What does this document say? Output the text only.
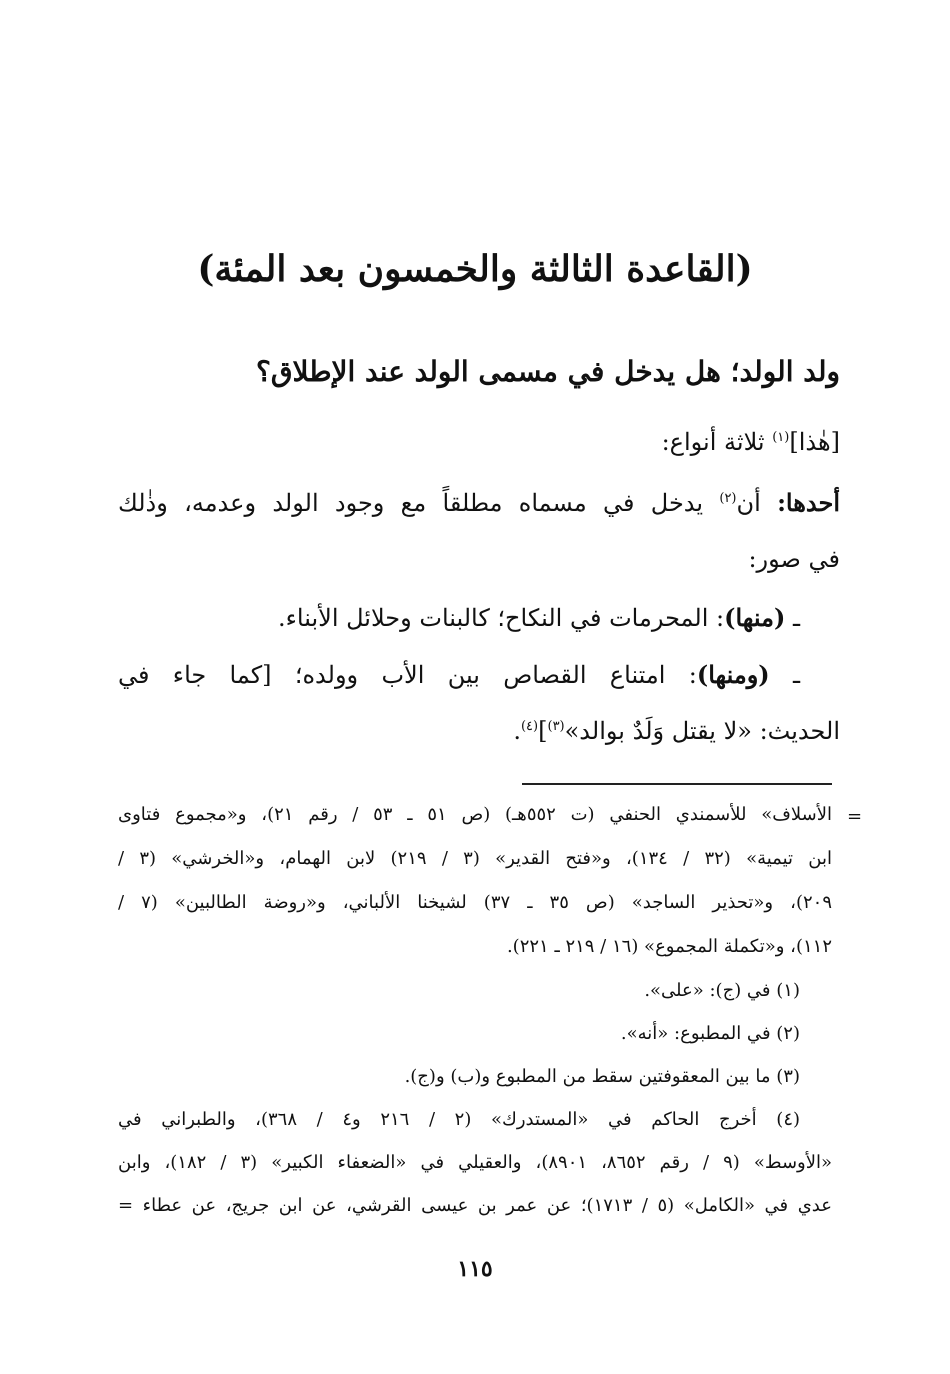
(القاعدة الثالثة والخمسون بعد المئة)
ولد الولد؛ هل يدخل في مسمى الولد عند الإطلاق؟
[هٰذا]$^{(١)}$ ثلاثة أنواع:
أحدها: أن$^{(٢)}$ يدخل في مسماه مطلقاً مع وجود الولد وعدمه، وذٰلك
في صور:
ـ (منها): المحرمات في النكاح؛ كالبنات وحلائل الأبناء.
ـ (ومنها): امتناع القصاص بين الأب وولده؛ [كما جاء في
الحديث: «لا يقتل وَلَدٌ بوالد»$^{(٣)}$]$^{(٤)}$.
=
الأسلاف» للأسمندي الحنفي (ت ٥٥٢هـ) (ص ٥١ ـ ٥٣ / رقم ٢١)، و«مجموع فتاوى
ابن تيمية» (٣٢ / ١٣٤)، و«فتح القدير» (٣ / ٢١٩) لابن الهمام، و«الخرشي» (٣ /
٢٠٩)، و«تحذير الساجد» (ص ٣٥ ـ ٣٧) لشيخنا الألباني، و«روضة الطالبين» (٧ /
١١٢)، و«تكملة المجموع» (١٦ / ٢١٩ ـ ٢٢١).
(١) في (ج): «على».
(٢) في المطبوع: «أنه».
(٣) ما بين المعقوفتين سقط من المطبوع و(ب) و(ج).
(٤) أخرج الحاكم في «المستدرك» (٢ / ٢١٦ و٤ / ٣٦٨)، والطبراني في
«الأوسط» (٩ / رقم ٨٦٥٢، ٨٩٠١)، والعقيلي في «الضعفاء الكبير» (٣ / ١٨٢)، وابن
عدي في «الكامل» (٥ / ١٧١٣)؛ عن عمر بن عيسى القرشي، عن ابن جريج، عن عطاء =
١١٥
